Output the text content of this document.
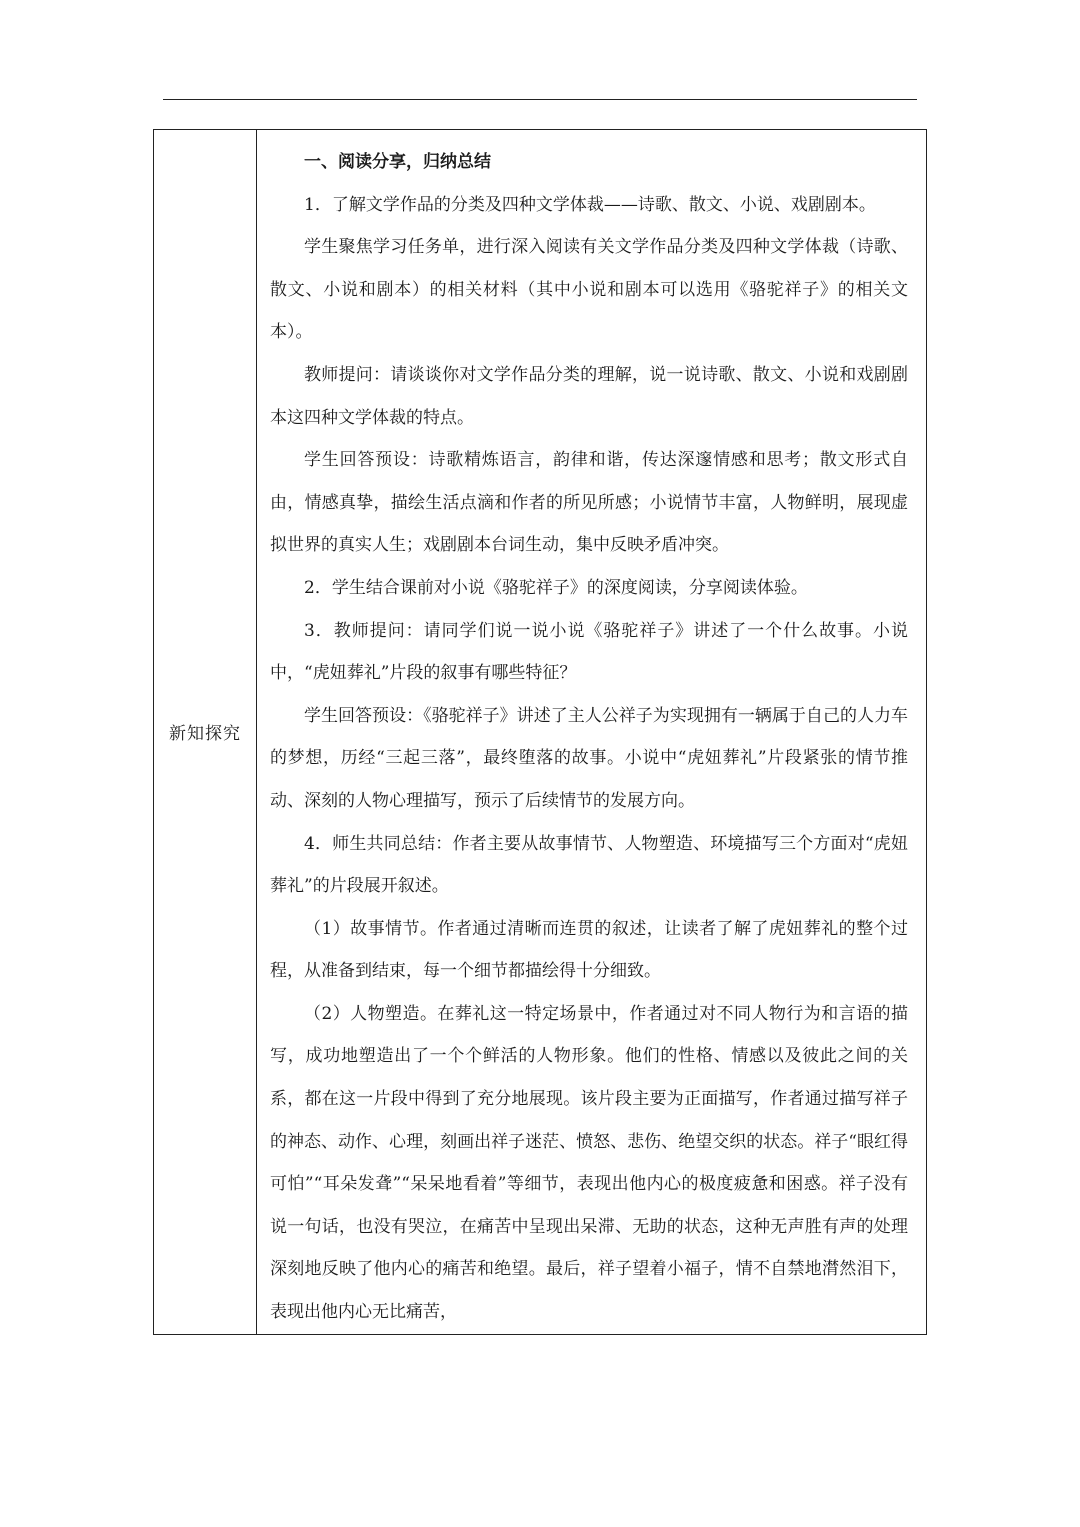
新知探究	

一、阅读分享，归纳总结

1．了解文学作品的分类及四种文学体裁——诗歌、散文、小说、戏剧剧本。

学生聚焦学习任务单，进行深入阅读有关文学作品分类及四种文学体裁（诗歌、散文、小说和剧本）的相关材料（其中小说和剧本可以选用《骆驼祥子》的相关文本）。

教师提问：请谈谈你对文学作品分类的理解，说一说诗歌、散文、小说和戏剧剧本这四种文学体裁的特点。

学生回答预设：诗歌精炼语言，韵律和谐，传达深邃情感和思考；散文形式自由，情感真挚，描绘生活点滴和作者的所见所感；小说情节丰富，人物鲜明，展现虚拟世界的真实人生；戏剧剧本台词生动，集中反映矛盾冲突。

2．学生结合课前对小说《骆驼祥子》的深度阅读，分享阅读体验。

3．教师提问：请同学们说一说小说《骆驼祥子》讲述了一个什么故事。小说中，“虎妞葬礼”片段的叙事有哪些特征？

学生回答预设：《骆驼祥子》讲述了主人公祥子为实现拥有一辆属于自己的人力车的梦想，历经“三起三落”，最终堕落的故事。小说中“虎妞葬礼”片段紧张的情节推动、深刻的人物心理描写，预示了后续情节的发展方向。

4．师生共同总结：作者主要从故事情节、人物塑造、环境描写三个方面对“虎妞葬礼”的片段展开叙述。

（1）故事情节。作者通过清晰而连贯的叙述，让读者了解了虎妞葬礼的整个过程，从准备到结束，每一个细节都描绘得十分细致。

（2）人物塑造。在葬礼这一特定场景中，作者通过对不同人物行为和言语的描写，成功地塑造出了一个个鲜活的人物形象。他们的性格、情感以及彼此之间的关系，都在这一片段中得到了充分地展现。该片段主要为正面描写，作者通过描写祥子的神态、动作、心理，刻画出祥子迷茫、愤怒、悲伤、绝望交织的状态。祥子“眼红得可怕”“耳朵发聋”“呆呆地看着”等细节，表现出他内心的极度疲惫和困惑。祥子没有说一句话，也没有哭泣，在痛苦中呈现出呆滞、无助的状态，这种无声胜有声的处理深刻地反映了他内心的痛苦和绝望。最后，祥子望着小福子，情不自禁地潸然泪下，表现出他内心无比痛苦，
